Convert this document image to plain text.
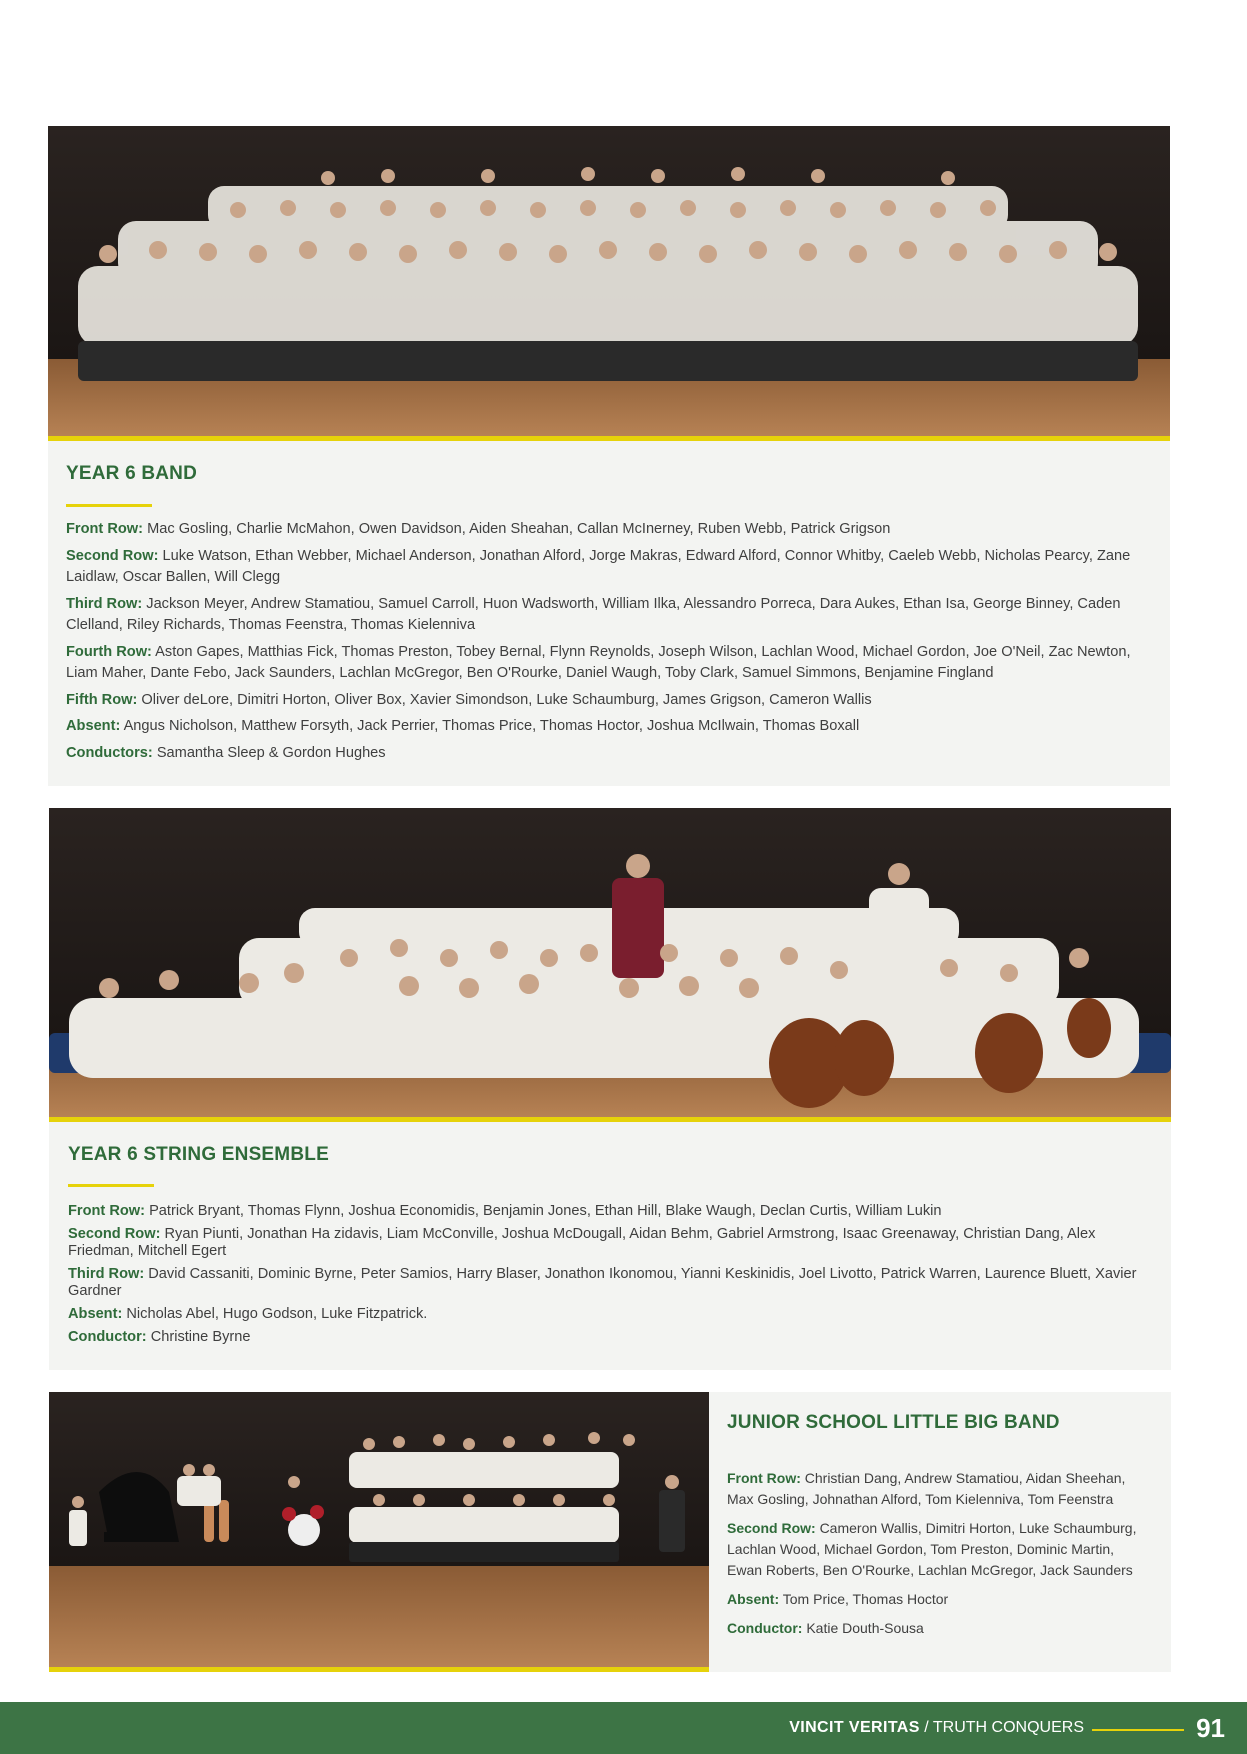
YEAR 6 BAND
Front Row: Mac Gosling, Charlie McMahon, Owen Davidson, Aiden Sheahan, Callan McInerney, Ruben Webb, Patrick Grigson
Second Row: Luke Watson, Ethan Webber, Michael Anderson, Jonathan Alford, Jorge Makras, Edward Alford, Connor Whitby, Caeleb Webb, Nicholas Pearcy, Zane Laidlaw, Oscar Ballen, Will Clegg
Third Row: Jackson Meyer, Andrew Stamatiou, Samuel Carroll, Huon Wadsworth, William Ilka, Alessandro Porreca, Dara Aukes, Ethan Isa, George Binney, Caden Clelland, Riley Richards, Thomas Feenstra, Thomas Kielenniva
Fourth Row: Aston Gapes, Matthias Fick, Thomas Preston, Tobey Bernal, Flynn Reynolds, Joseph Wilson, Lachlan Wood, Michael Gordon, Joe O'Neil, Zac Newton, Liam Maher, Dante Febo, Jack Saunders, Lachlan McGregor, Ben O'Rourke, Daniel Waugh, Toby Clark, Samuel Simmons, Benjamine Fingland
Fifth Row: Oliver deLore, Dimitri Horton, Oliver Box, Xavier Simondson, Luke Schaumburg, James Grigson, Cameron Wallis
Absent: Angus Nicholson, Matthew Forsyth, Jack Perrier, Thomas Price, Thomas Hoctor, Joshua McIlwain, Thomas Boxall
Conductors: Samantha Sleep & Gordon Hughes
YEAR 6 STRING ENSEMBLE
Front Row: Patrick Bryant, Thomas Flynn, Joshua Economidis, Benjamin Jones, Ethan Hill, Blake Waugh, Declan Curtis, William Lukin
Second Row: Ryan Piunti, Jonathan Ha zidavis, Liam McConville, Joshua McDougall, Aidan Behm, Gabriel Armstrong, Isaac Greenaway, Christian Dang, Alex Friedman, Mitchell Egert
Third Row: David Cassaniti, Dominic Byrne, Peter Samios, Harry Blaser, Jonathon Ikonomou, Yianni Keskinidis, Joel Livotto, Patrick Warren, Laurence Bluett, Xavier Gardner
Absent: Nicholas Abel, Hugo Godson, Luke Fitzpatrick.
Conductor: Christine Byrne
JUNIOR SCHOOL LITTLE BIG BAND
Front Row: Christian Dang, Andrew Stamatiou, Aidan Sheehan, Max Gosling, Johnathan Alford, Tom Kielenniva, Tom Feenstra
Second Row: Cameron Wallis, Dimitri Horton, Luke Schaumburg, Lachlan Wood, Michael Gordon, Tom Preston, Dominic Martin, Ewan Roberts, Ben O'Rourke, Lachlan McGregor, Jack Saunders
Absent: Tom Price, Thomas Hoctor
Conductor: Katie Douth-Sousa
VINCIT VERITAS / TRUTH CONQUERS	91
